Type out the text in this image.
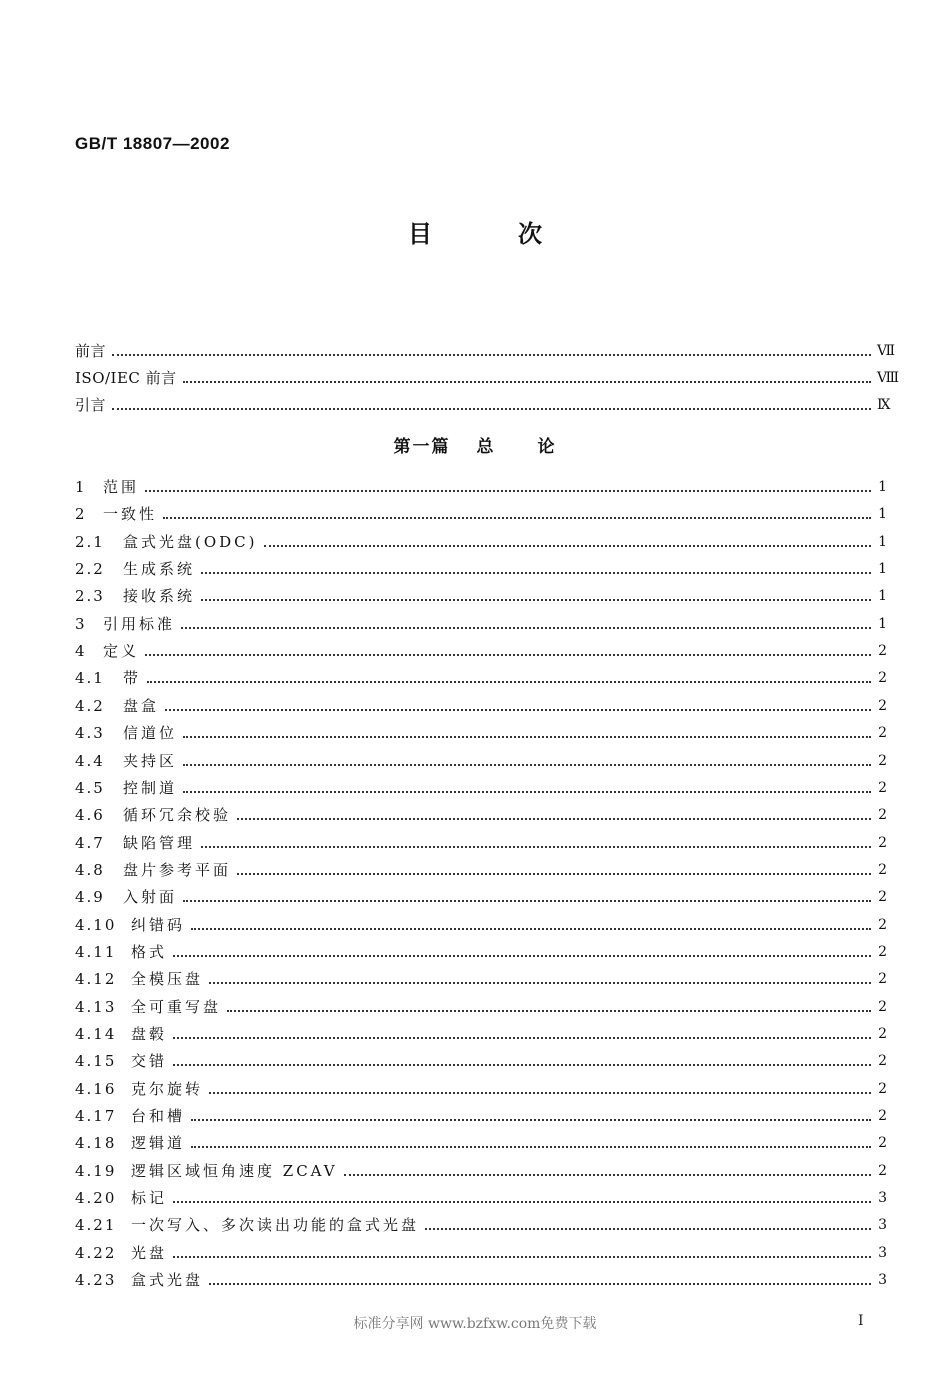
GB/T 18807—2002
目	次
前言	Ⅶ
ISO/IEC 前言	Ⅷ
引言	Ⅸ
第一篇 总 论
1	范围	1
2	一致性	1
2.1	盒式光盘(ODC)	1
2.2	生成系统	1
2.3	接收系统	1
3	引用标准	1
4	定义	2
4.1	带	2
4.2	盘盒	2
4.3	信道位	2
4.4	夹持区	2
4.5	控制道	2
4.6	循环冗余校验	2
4.7	缺陷管理	2
4.8	盘片参考平面	2
4.9	入射面	2
4.10 纠错码	2
4.11 格式	2
4.12 全模压盘	2
4.13 全可重写盘	2
4.14 盘毂	2
4.15 交错	2
4.16 克尔旋转	2
4.17 台和槽	2
4.18 逻辑道	2
4.19 逻辑区域恒角速度 ZCAV	2
4.20 标记	3
4.21 一次写入、多次读出功能的盒式光盘	3
4.22 光盘	3
4.23 盒式光盘	3
标准分享网 www.bzfxw.com免费下载	I
